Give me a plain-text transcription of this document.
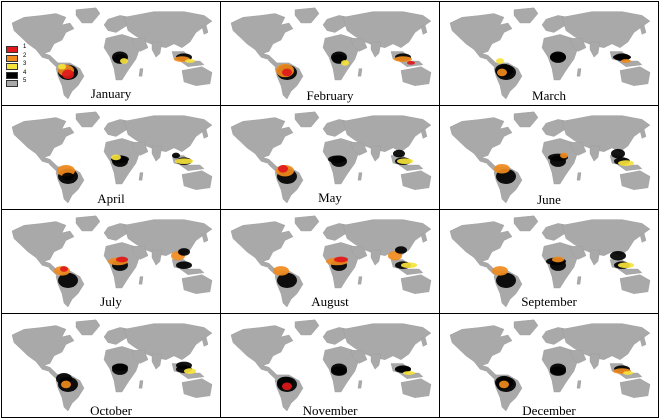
1
2
3
4
5
January	February	March
April	May	June
July	August	September
October	November	December
